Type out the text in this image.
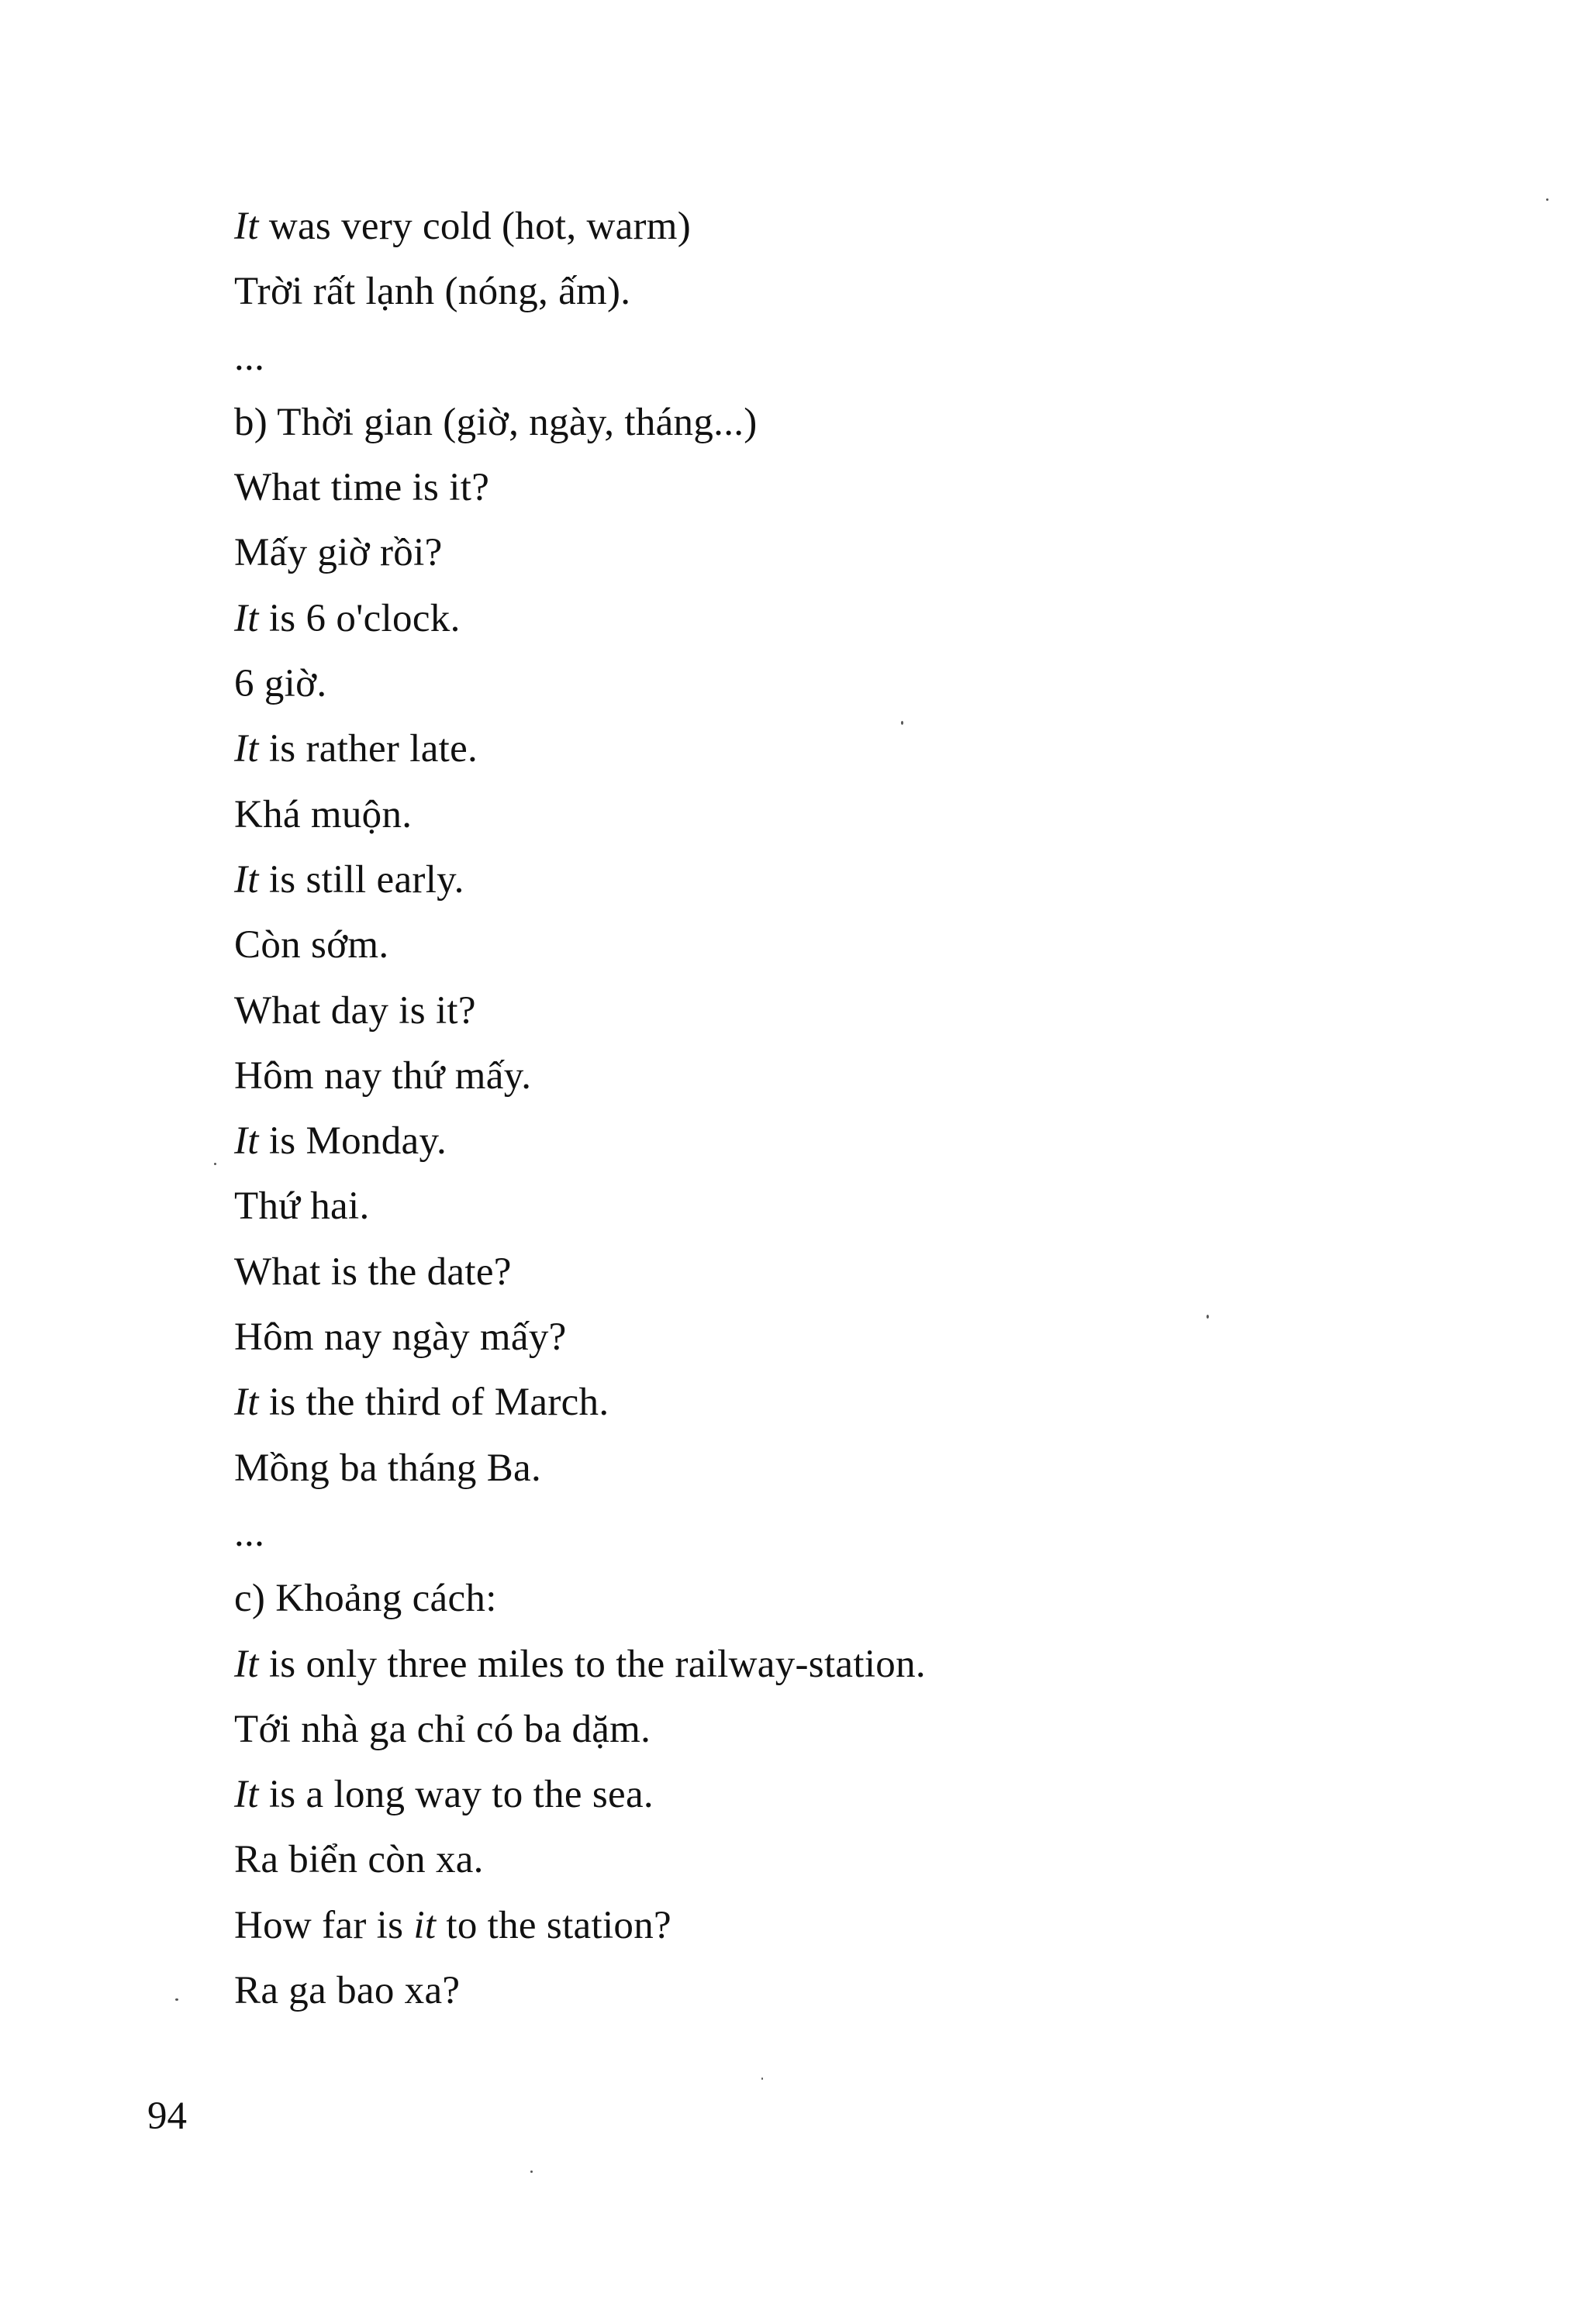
It was very cold (hot, warm)
Trời rất lạnh (nóng, ấm).
...
b) Thời gian (giờ, ngày, tháng...)
What time is it?
Mấy giờ rồi?
It is 6 o'clock.
6 giờ.
It is rather late.
Khá muộn.
It is still early.
Còn sớm.
What day is it?
Hôm nay thứ mấy.
It is Monday.
Thứ hai.
What is the date?
Hôm nay ngày mấy?
It is the third of March.
Mồng ba tháng Ba.
...
c) Khoảng cách:
It is only three miles to the railway-station.
Tới nhà ga chỉ có ba dặm.
It is a long way to the sea.
Ra biển còn xa.
How far is it to the station?
Ra ga bao xa?
94
